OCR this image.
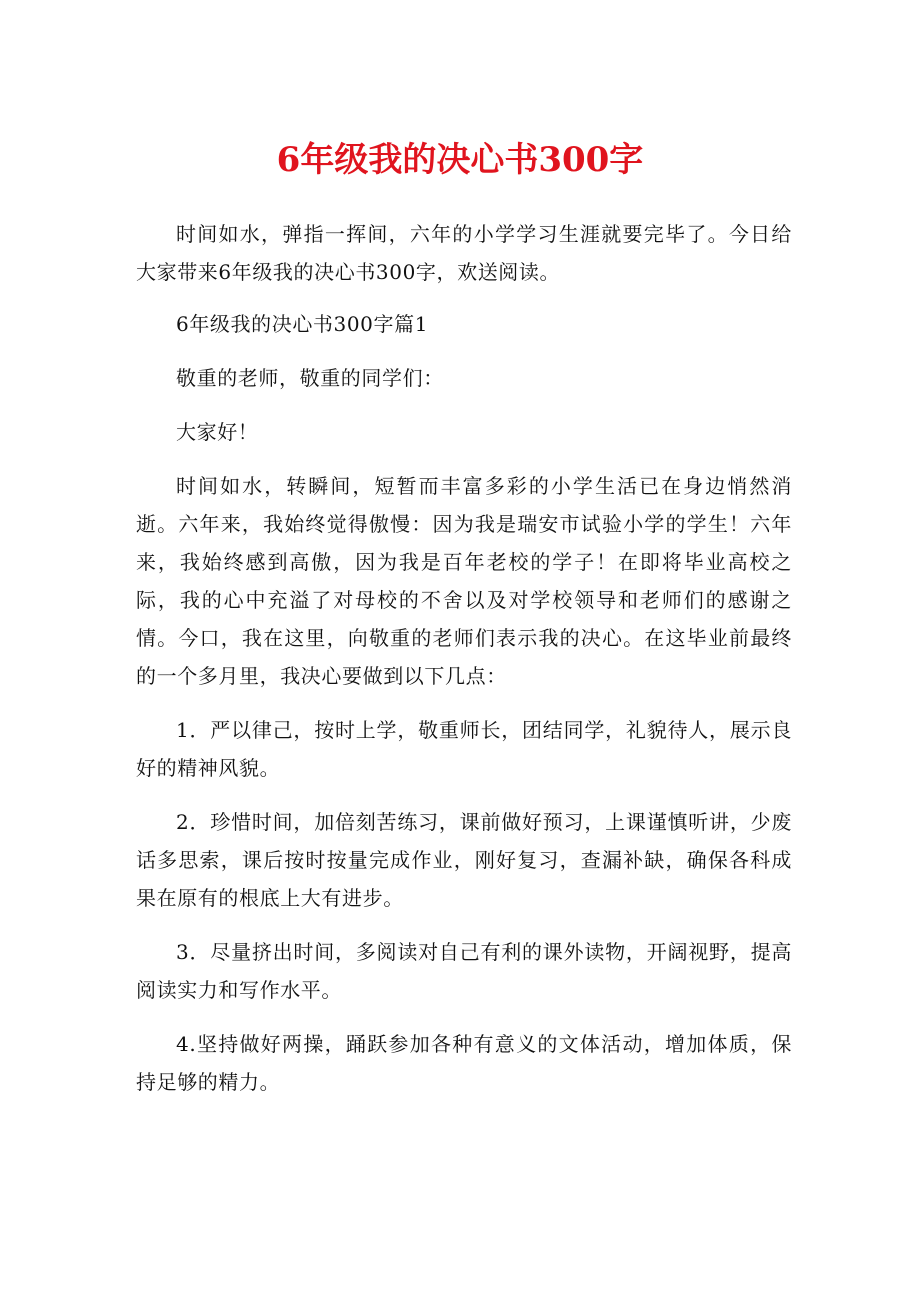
6年级我的决心书300字

时间如水，弹指一挥间，六年的小学学习生涯就要完毕了。今日给大家带来6年级我的决心书300字，欢送阅读。

6年级我的决心书300字篇1

敬重的老师，敬重的同学们：

大家好！

时间如水，转瞬间，短暂而丰富多彩的小学生活已在身边悄然消逝。六年来，我始终觉得傲慢：因为我是瑞安市试验小学的学生！六年来，我始终感到高傲，因为我是百年老校的学子！在即将毕业高校之际，我的心中充溢了对母校的不舍以及对学校领导和老师们的感谢之情。今口，我在这里，向敬重的老师们表示我的决心。在这毕业前最终的一个多月里，我决心要做到以下几点：

1．严以律己，按时上学，敬重师长，团结同学，礼貌待人，展示良好的精神风貌。

2．珍惜时间，加倍刻苦练习，课前做好预习，上课谨慎听讲，少废话多思索，课后按时按量完成作业，刚好复习，查漏补缺，确保各科成果在原有的根底上大有进步。

3．尽量挤出时间，多阅读对自己有利的课外读物，开阔视野，提高阅读实力和写作水平。

4.坚持做好两操，踊跃参加各种有意义的文体活动，增加体质，保持足够的精力。
